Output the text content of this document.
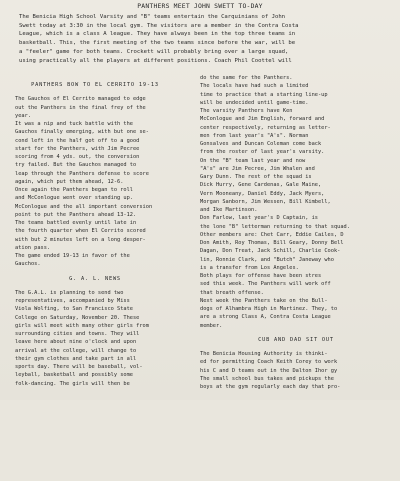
PANTHERS MEET JOHN SWETT TO-DAY
The Benicia High School Varsity and "B" teams entertain the Carquinians of John
Swett today at 3:30 in the local gym. The visitors are a member in the Contra Costa
League, which is a class A league. They have always been in the top three teams in
basketball. This, the first meeting of the two teams since before the war, will be
a "feeler" game for both teams. Crockett will probably bring over a large squad,
using practically all the players at different positions. Coach Phil Coottel will
PANTHERS BOW TO EL CERRITO 19-13
The Gauchos of El Cerrito managed to edge
out the Panthers in the final frey of the
year.
It was a nip and tuck battle with the
Gauchos finally emerging, with but one se-
cond left in the half got off to a good
start for the Panthers, with Jim Pecree
scoring from 4 yds. out, the conversion
try failed. But the Gauchos managed to
leap through the Panthers defense to score
again, which put them ahead, 12-6.
Once again the Panthers began to roll
and McConlogue went over standing up.
McConlogue and the all important conversion
point to put the Panthers ahead 13-12.
The teams battled evenly until late in
the fourth quarter when El Cerrito scored
with but 2 minutes left on a long desper-
ation pass.
The game ended 19-13 in favor of the
Gauchos.
G. A. L. NEWS
The G.A.L. is planning to send two
representatives, accompanied by Miss
Viola Wolfing, to San Francisco State
College on Saturday, November 20. These
girls will meet with many other girls from
surrounding cities and towns. They will
leave here about nine o'clock and upon
arrival at the college, will change to
their gym clothes and take part in all
sports day. There will be baseball, vol-
leyball, basketball and possibly some
folk-dancing. The girls will then be
do the same for the Panthers.
The locals have had such a limited
time to practice that a starting line-up
will be undecided until game-time.
The varsity Panthers have Ken
McConlogue and Jim English, forward and
center respectively, returning as letter-
men from last year's "A's". Norman
Gonsalves and Duncan Coleman come back
from the roster of last year's varsity.
On the "B" team last year and now
"A's" are Jim Pecree, Jim Whalen and
Gary Dunn. The rest of the squad is
Dick Hurry, Gene Cardenas, Gale Maine,
Vern Mooneany, Daniel Eddy, Jack Myers,
Morgan Sanborn, Jim Wessen, Bill Kimbell,
and Ike Martinson.
Don Farlow, last year's D Captain, is
the lone "B" letterman returning to that squad.
Other members are: Chet Carr, Eddie Cailes, D
Don Amith, Roy Thomas, Bill Geary, Donny Bell
Dagan, Don Treat, Jack Schill, Charlie Cook-
lin, Ronnie Clark, and "Butch" Janeway who
is a transfer from Los Angeles.
Both plays for offense have been stres
sed this week. The Panthers will work off
that breath offense.
Next week the Panthers take on the Bull-
dogs of Alhambra High in Martinez. They, to
are a strong Class A, Contra Costa League
member.
CUB AND DAD SIT OUT
The Benicia Housing Authority is thinki-
ed for permitting Coach Keith Corey to work
his C and D teams out in the Dalton Ihor gy
The small school bus takes and pickups the
boys at the gym regularly each day that pro-
